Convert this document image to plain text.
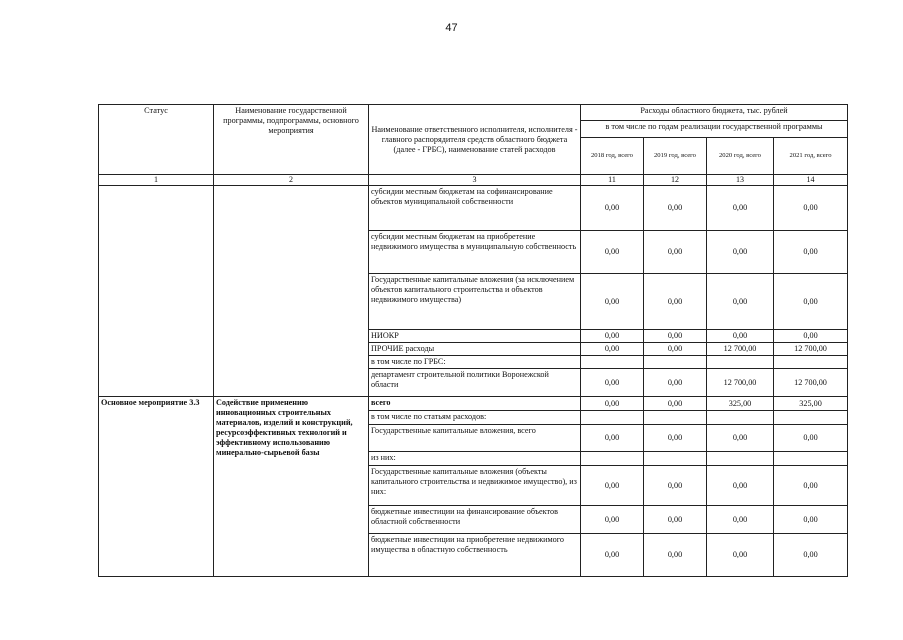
47
Статус	Наименование государственной программы, подпрограммы, основного мероприятия	Наименование ответственного исполнителя, исполнителя - главного распорядителя средств областного бюджета (далее - ГРБС), наименование статей расходов	Расходы областного бюджета, тыс. рублей			
			в том числе по годам реализации государственной программы			
			2018 год, всего	2019 год, всего	2020 год, всего	2021 год, всего
1	2	3	11	12	13	14
		субсидии местным бюджетам на софинансирование объектов муниципальной собственности	0,00	0,00	0,00	0,00
		субсидии местным бюджетам на приобретение недвижимого имущества в муниципальную собственность	0,00	0,00	0,00	0,00
		Государственные капитальные вложения (за исключением объектов капитального строительства и объектов недвижимого имущества)	0,00	0,00	0,00	0,00
		НИОКР	0,00	0,00	0,00	0,00
		ПРОЧИЕ расходы	0,00	0,00	12 700,00	12 700,00
		в том числе по ГРБС:				
		департамент строительной политики Воронежской области	0,00	0,00	12 700,00	12 700,00
Основное мероприятие 3.3	Содействие применению инновационных строительных материалов, изделий и конструкций, ресурсоэффективных технологий и эффективному использованию минерально-сырьевой базы	всего	0,00	0,00	325,00	325,00
		в том числе по статьям расходов:				
		Государственные капитальные вложения, всего	0,00	0,00	0,00	0,00
		из них:				
		Государственные капитальные вложения (объекты капитального строительства и недвижимое имущество), из них:	0,00	0,00	0,00	0,00
		бюджетные инвестиции на финансирование объектов областной собственности	0,00	0,00	0,00	0,00
		бюджетные инвестиции на приобретение недвижимого имущества в областную собственность	0,00	0,00	0,00	0,00
